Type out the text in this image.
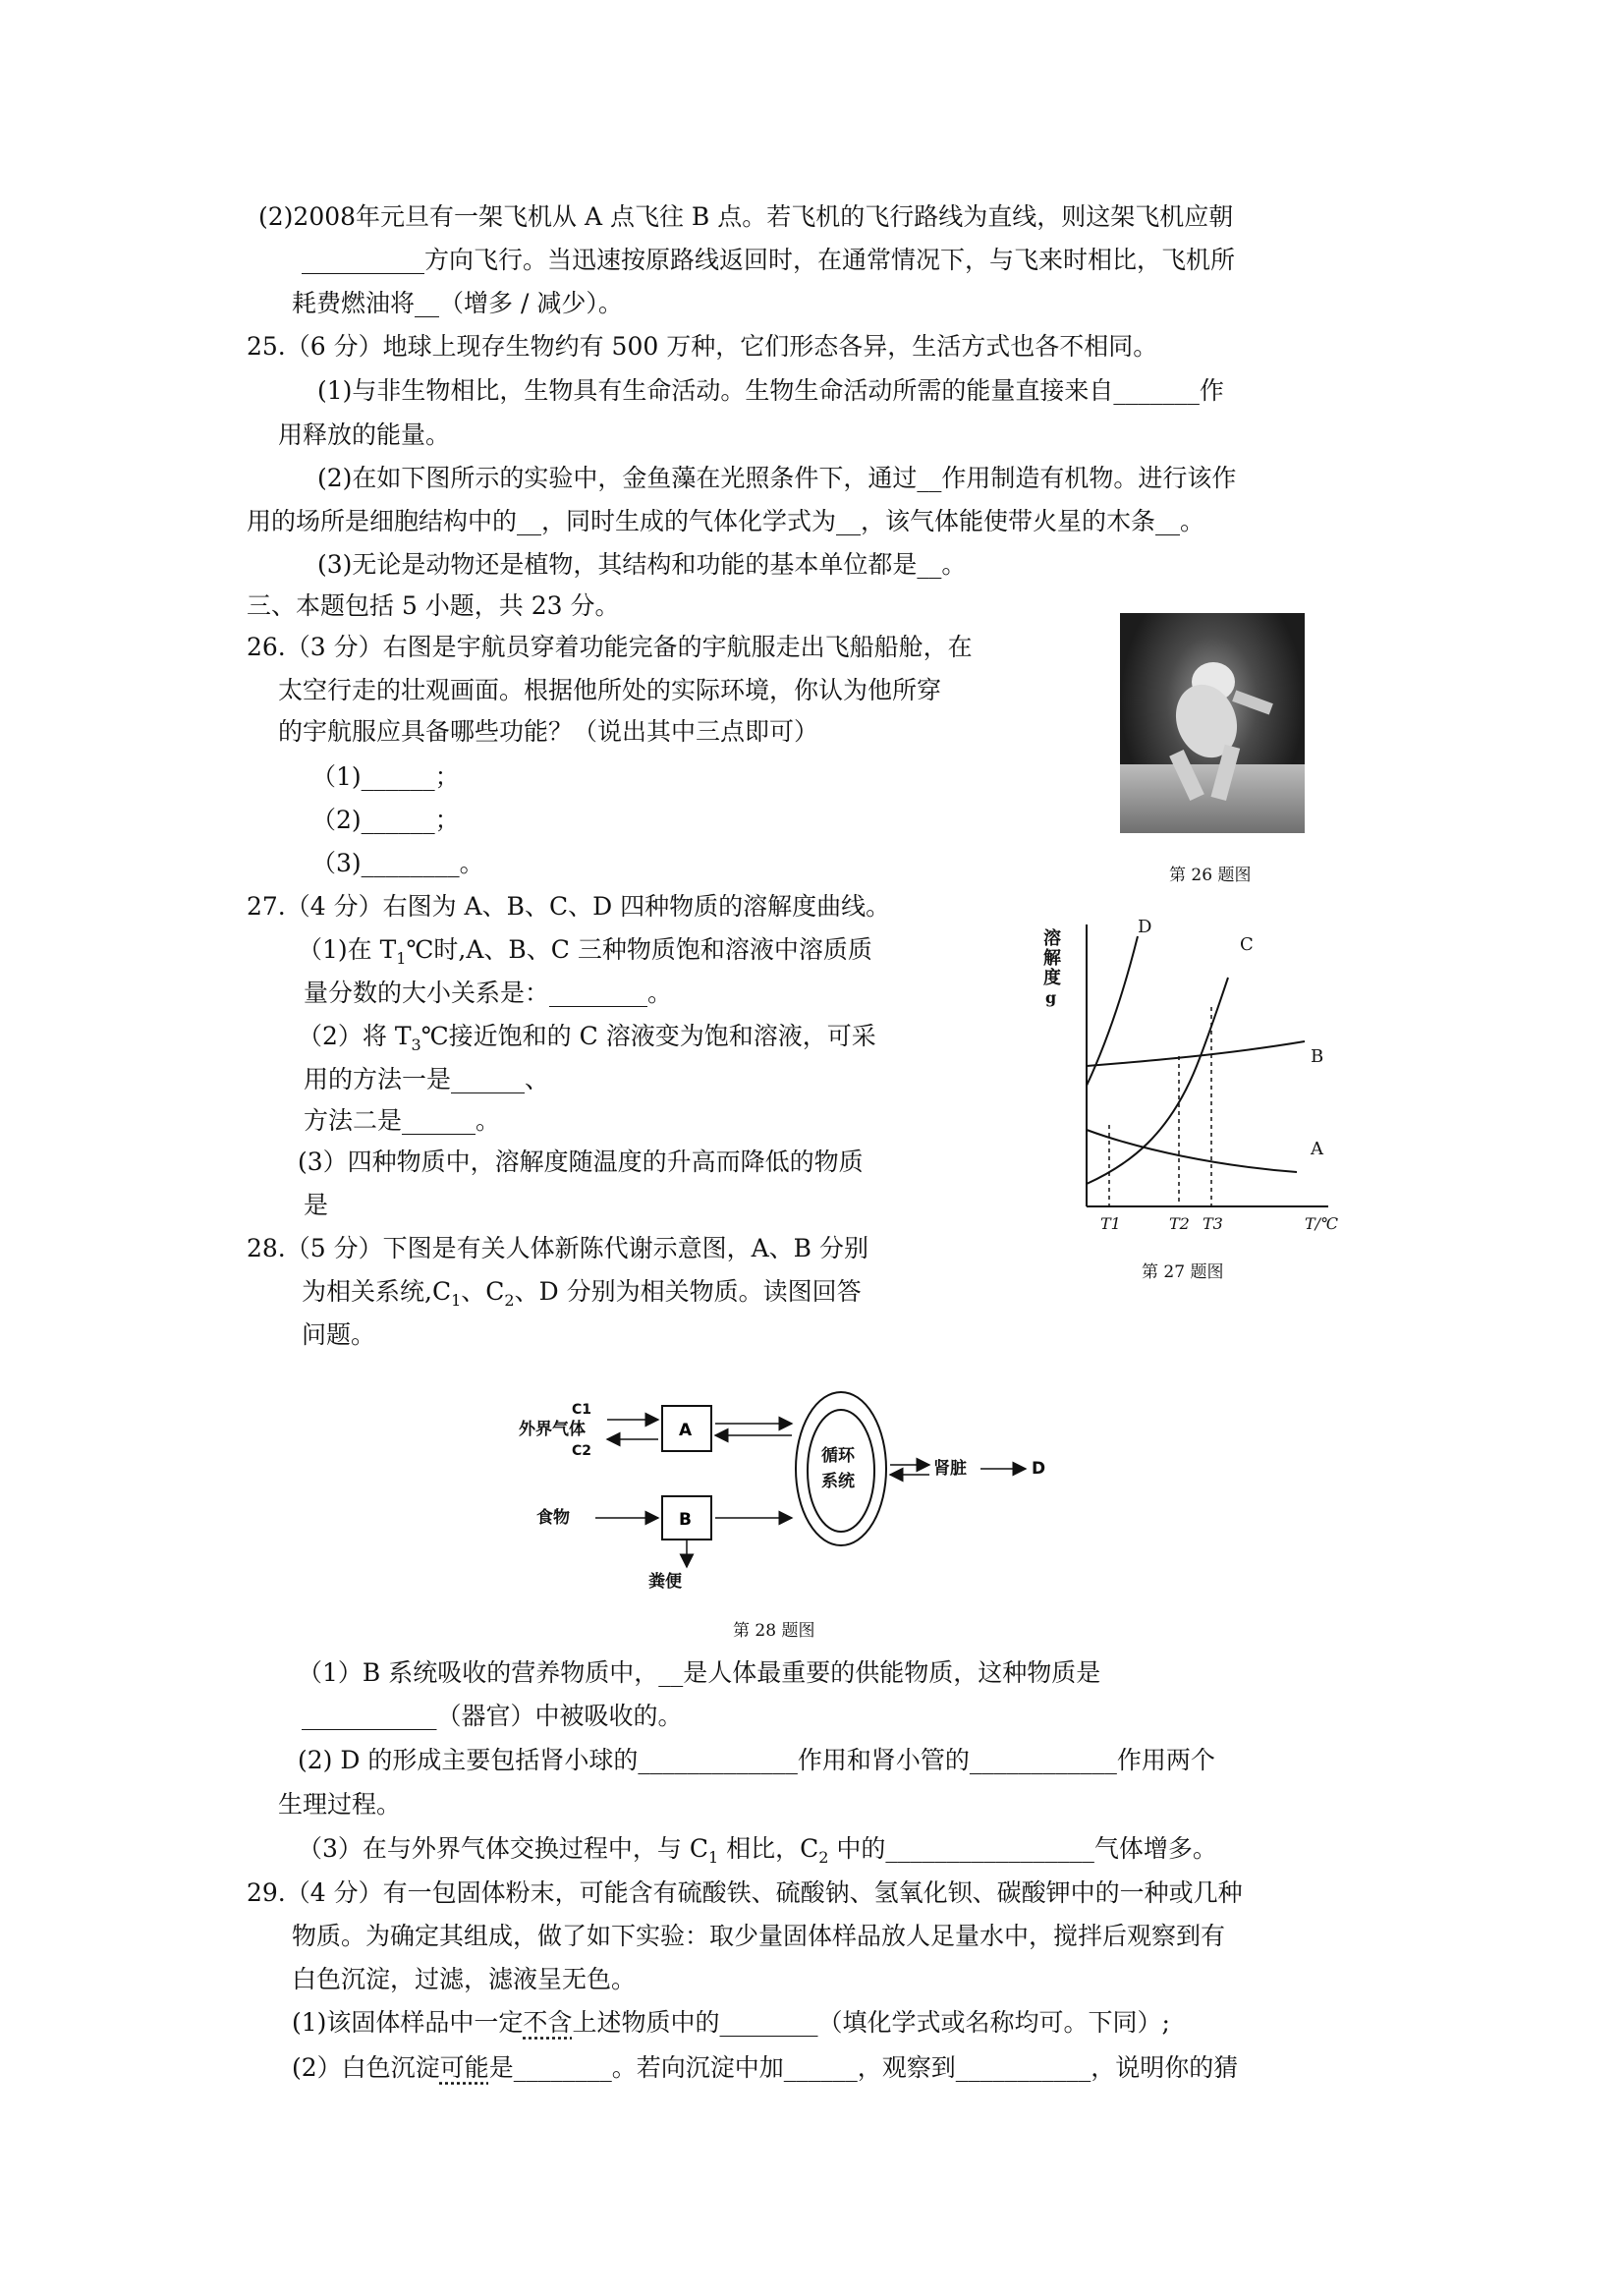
(2)2008年元旦有一架飞机从 A 点飞往 B 点。若飞机的飞行路线为直线，则这架飞机应朝
__________方向飞行。当迅速按原路线返回时，在通常情况下，与飞来时相比，飞机所
耗费燃油将__（增多 / 减少）。
25.（6 分）地球上现存生物约有 500 万种，它们形态各异，生活方式也各不相同。
(1)与非生物相比，生物具有生命活动。生物生命活动所需的能量直接来自_______作
用释放的能量。
(2)在如下图所示的实验中，金鱼藻在光照条件下，通过__作用制造有机物。进行该作
用的场所是细胞结构中的__，同时生成的气体化学式为__，该气体能使带火星的木条__。
(3)无论是动物还是植物，其结构和功能的基本单位都是__。
三、本题包括 5 小题，共 23 分。
26.（3 分）右图是宇航员穿着功能完备的宇航服走出飞船船舱，在
太空行走的壮观画面。根据他所处的实际环境，你认为他所穿
的宇航服应具备哪些功能？（说出其中三点即可）
（1)______；
（2)______；
（3)________。
27.（4 分）右图为 A、B、C、D 四种物质的溶解度曲线。
（1)在 $T_1℃$时,A、B、C 三种物质饱和溶液中溶质质
量分数的大小关系是：________。
（2）将 $T_3℃$接近饱和的 C 溶液变为饱和溶液，可采
用的方法一是______、
方法二是______。
(3）四种物质中，溶解度随温度的升高而降低的物质
是
28.（5 分）下图是有关人体新陈代谢示意图，A、B 分别
为相关系统$,C_1$、$C_2$、D 分别为相关物质。读图回答
问题。
（1）B 系统吸收的营养物质中，__是人体最重要的供能物质，这种物质是
___________（器官）中被吸收的。
(2) D 的形成主要包括肾小球的_____________作用和肾小管的____________作用两个
生理过程。
（3）在与外界气体交换过程中，与 $C_1$ 相比，$C_2$ 中的_________________气体增多。
29.（4 分）有一包固体粉末，可能含有硫酸铁、硫酸钠、氢氧化钡、碳酸钾中的一种或几种
物质。为确定其组成，做了如下实验：取少量固体样品放人足量水中，搅拌后观察到有
白色沉淀，过滤，滤液呈无色。
(1)该固体样品中一定不含上述物质中的________（填化学式或名称均可。下同）;
(2）白色沉淀可能是________。若向沉淀中加______，观察到___________，说明你的猜
第 26 题图
溶
解
度
g
D
C
B
A
T1	T2 T3	T/℃
第 27 题图
外界气体
C1
C2
食物
粪便
循环
系统
肾脏	D
A
B
第 28 题图
